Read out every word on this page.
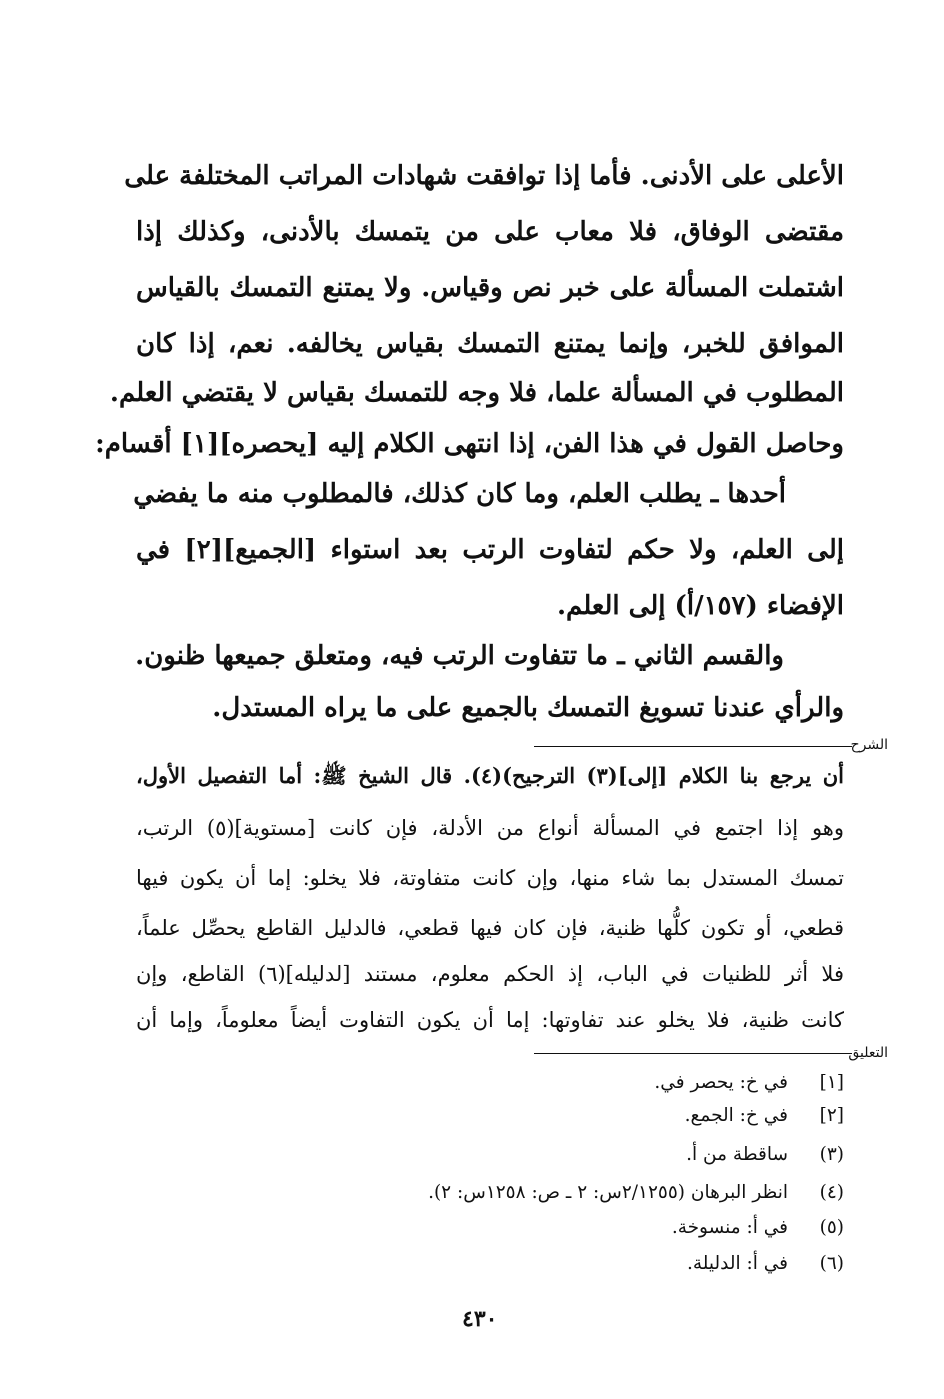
الأعلى على الأدنى. فأما إذا توافقت شهادات المراتب المختلفة على
مقتضى الوفاق، فلا معاب على من يتمسك بالأدنى، وكذلك إذا
اشتملت المسألة على خبر نص وقياس. ولا يمتنع التمسك بالقياس
الموافق للخبر، وإنما يمتنع التمسك بقياس يخالفه. نعم، إذا كان
المطلوب في المسألة علما، فلا وجه للتمسك بقياس لا يقتضي العلم.
وحاصل القول في هذا الفن، إذا انتهى الكلام إليه [يحصره][١] أقسام:
أحدها ـ يطلب العلم، وما كان كذلك، فالمطلوب منه ما يفضي
إلى العلم، ولا حكم لتفاوت الرتب بعد استواء [الجميع][٢] في
الإفضاء (١٥٧/أ) إلى العلم.
والقسم الثاني ـ ما تتفاوت الرتب فيه، ومتعلق جميعها ظنون.
والرأي عندنا تسويغ التمسك بالجميع على ما يراه المستدل.
الشرح
أن يرجع بنا الكلام [إلى](٣) الترجيح)(٤). قال الشيخ ﷺ: أما التفصيل الأول،
وهو إذا اجتمع في المسألة أنواع من الأدلة، فإن كانت [مستوية](٥) الرتب،
تمسك المستدل بما شاء منها، وإن كانت متفاوتة، فلا يخلو: إما أن يكون فيها
قطعي، أو تكون كلُّها ظنية، فإن كان فيها قطعي، فالدليل القاطع يحصِّل علماً،
فلا أثر للظنيات في الباب، إذ الحكم معلوم، مستند [لدليله](٦) القاطع، وإن
كانت ظنية، فلا يخلو عند تفاوتها: إما أن يكون التفاوت أيضاً معلوماً، وإما أن
التعليق
[١]في خ: يحصر في.
[٢]في خ: الجمع.
(٣)ساقطة من أ.
(٤)انظر البرهان (٢/١٢٥٥س: ٢ ـ ص: ١٢٥٨س: ٢).
(٥)في أ: منسوخة.
(٦)في أ: الدليلة.
٤٣٠
